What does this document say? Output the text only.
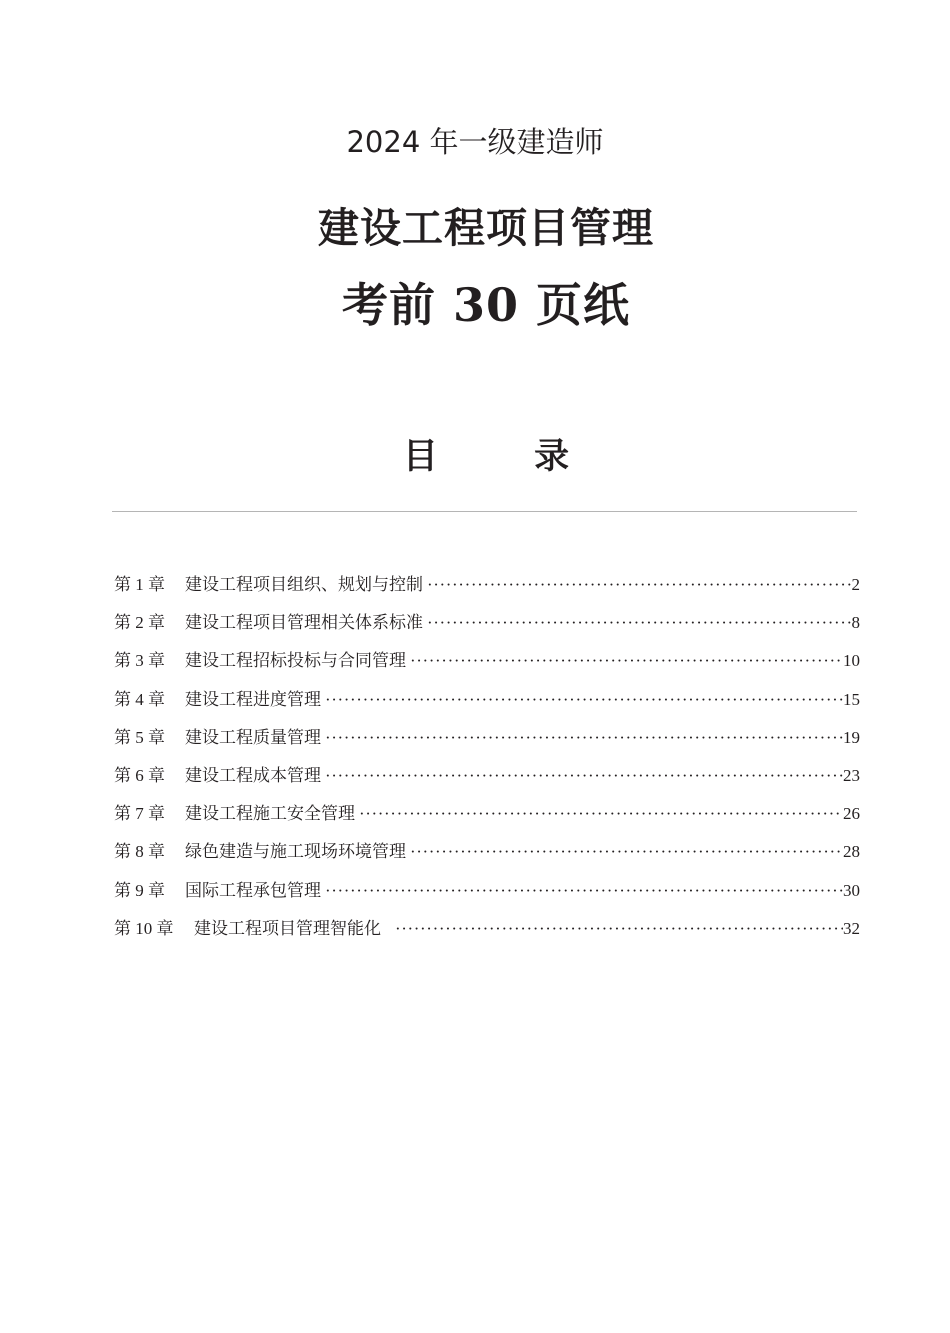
2024 年一级建造师
建设工程项目管理
考前 30 页纸
目 录
第 1 章	建设工程项目组织、规划与控制 ·····	2
第 2 章	建设工程项目管理相关体系标准 ·····	8
第 3 章	建设工程招标投标与合同管理 ·····	10
第 4 章	建设工程进度管理 ·····	15
第 5 章	建设工程质量管理 ·····	19
第 6 章	建设工程成本管理 ·····	23
第 7 章	建设工程施工安全管理 ·····	26
第 8 章	绿色建造与施工现场环境管理 ·····	28
第 9 章	国际工程承包管理 ·····	30
第 10 章	建设工程项目管理智能化 ·····	32
